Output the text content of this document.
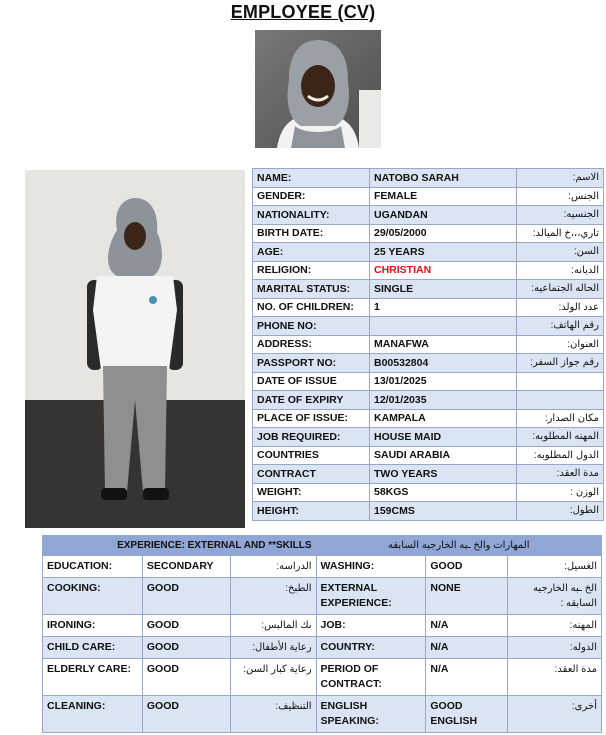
EMPLOYEE (CV)
NAME:	NATOBO SARAH	الاسم:
GENDER:	FEMALE	الجنس:
NATIONALITY:	UGANDAN	الجنسيه:
BIRTH DATE:	29/05/2000	تاري،،،خ الميالد:
AGE:	25 YEARS	السن:
RELIGION:	CHRISTIAN	الديانه:
MARITAL STATUS:	SINGLE	الحاله الجتماعيه:
NO. OF CHILDREN:	1	عدد الولد:
PHONE NO:		رقم الهاتف:
ADDRESS:	MANAFWA	العنوان:
PASSPORT NO:	B00532804	رقم جواز السفر:
DATE OF ISSUE	13/01/2025	
DATE OF EXPIRY	12/01/2035	
PLACE OF ISSUE:	KAMPALA	مكان الصدار:
JOB REQUIRED:	HOUSE MAID	المهنه المطلوبه:
COUNTRIES	SAUDI ARABIA	الدول المطلوبه:
CONTRACT	TWO YEARS	مدة العقد:
WEIGHT:	58KGS	الوزن :
HEIGHT:	159CMS	الطول:
EXPERIENCE: EXTERNAL AND **SKILLS			المهارات والخ ـبه الخارجيه السابقه		
EDUCATION:	SECONDARY	الدراسه:	WASHING:	GOOD	الغسيل:
COOKING:	GOOD	الطبخ:	EXTERNAL EXPERIENCE:	NONE	الخ ـبه الخارجيه السابقه :
IRONING:	GOOD	ىك المالبس:	JOB:	N/A	المهنه:
CHILD CARE:	GOOD	رعاية الأطفال:	COUNTRY:	N/A	الدوله:
ELDERLY CARE:	GOOD	رعاية كبار السن:	PERIOD OF CONTRACT:	N/A	مدة العقد:
CLEANING:	GOOD	التنظيف:	ENGLISH SPEAKING:	GOOD ENGLISH	أخرى:
